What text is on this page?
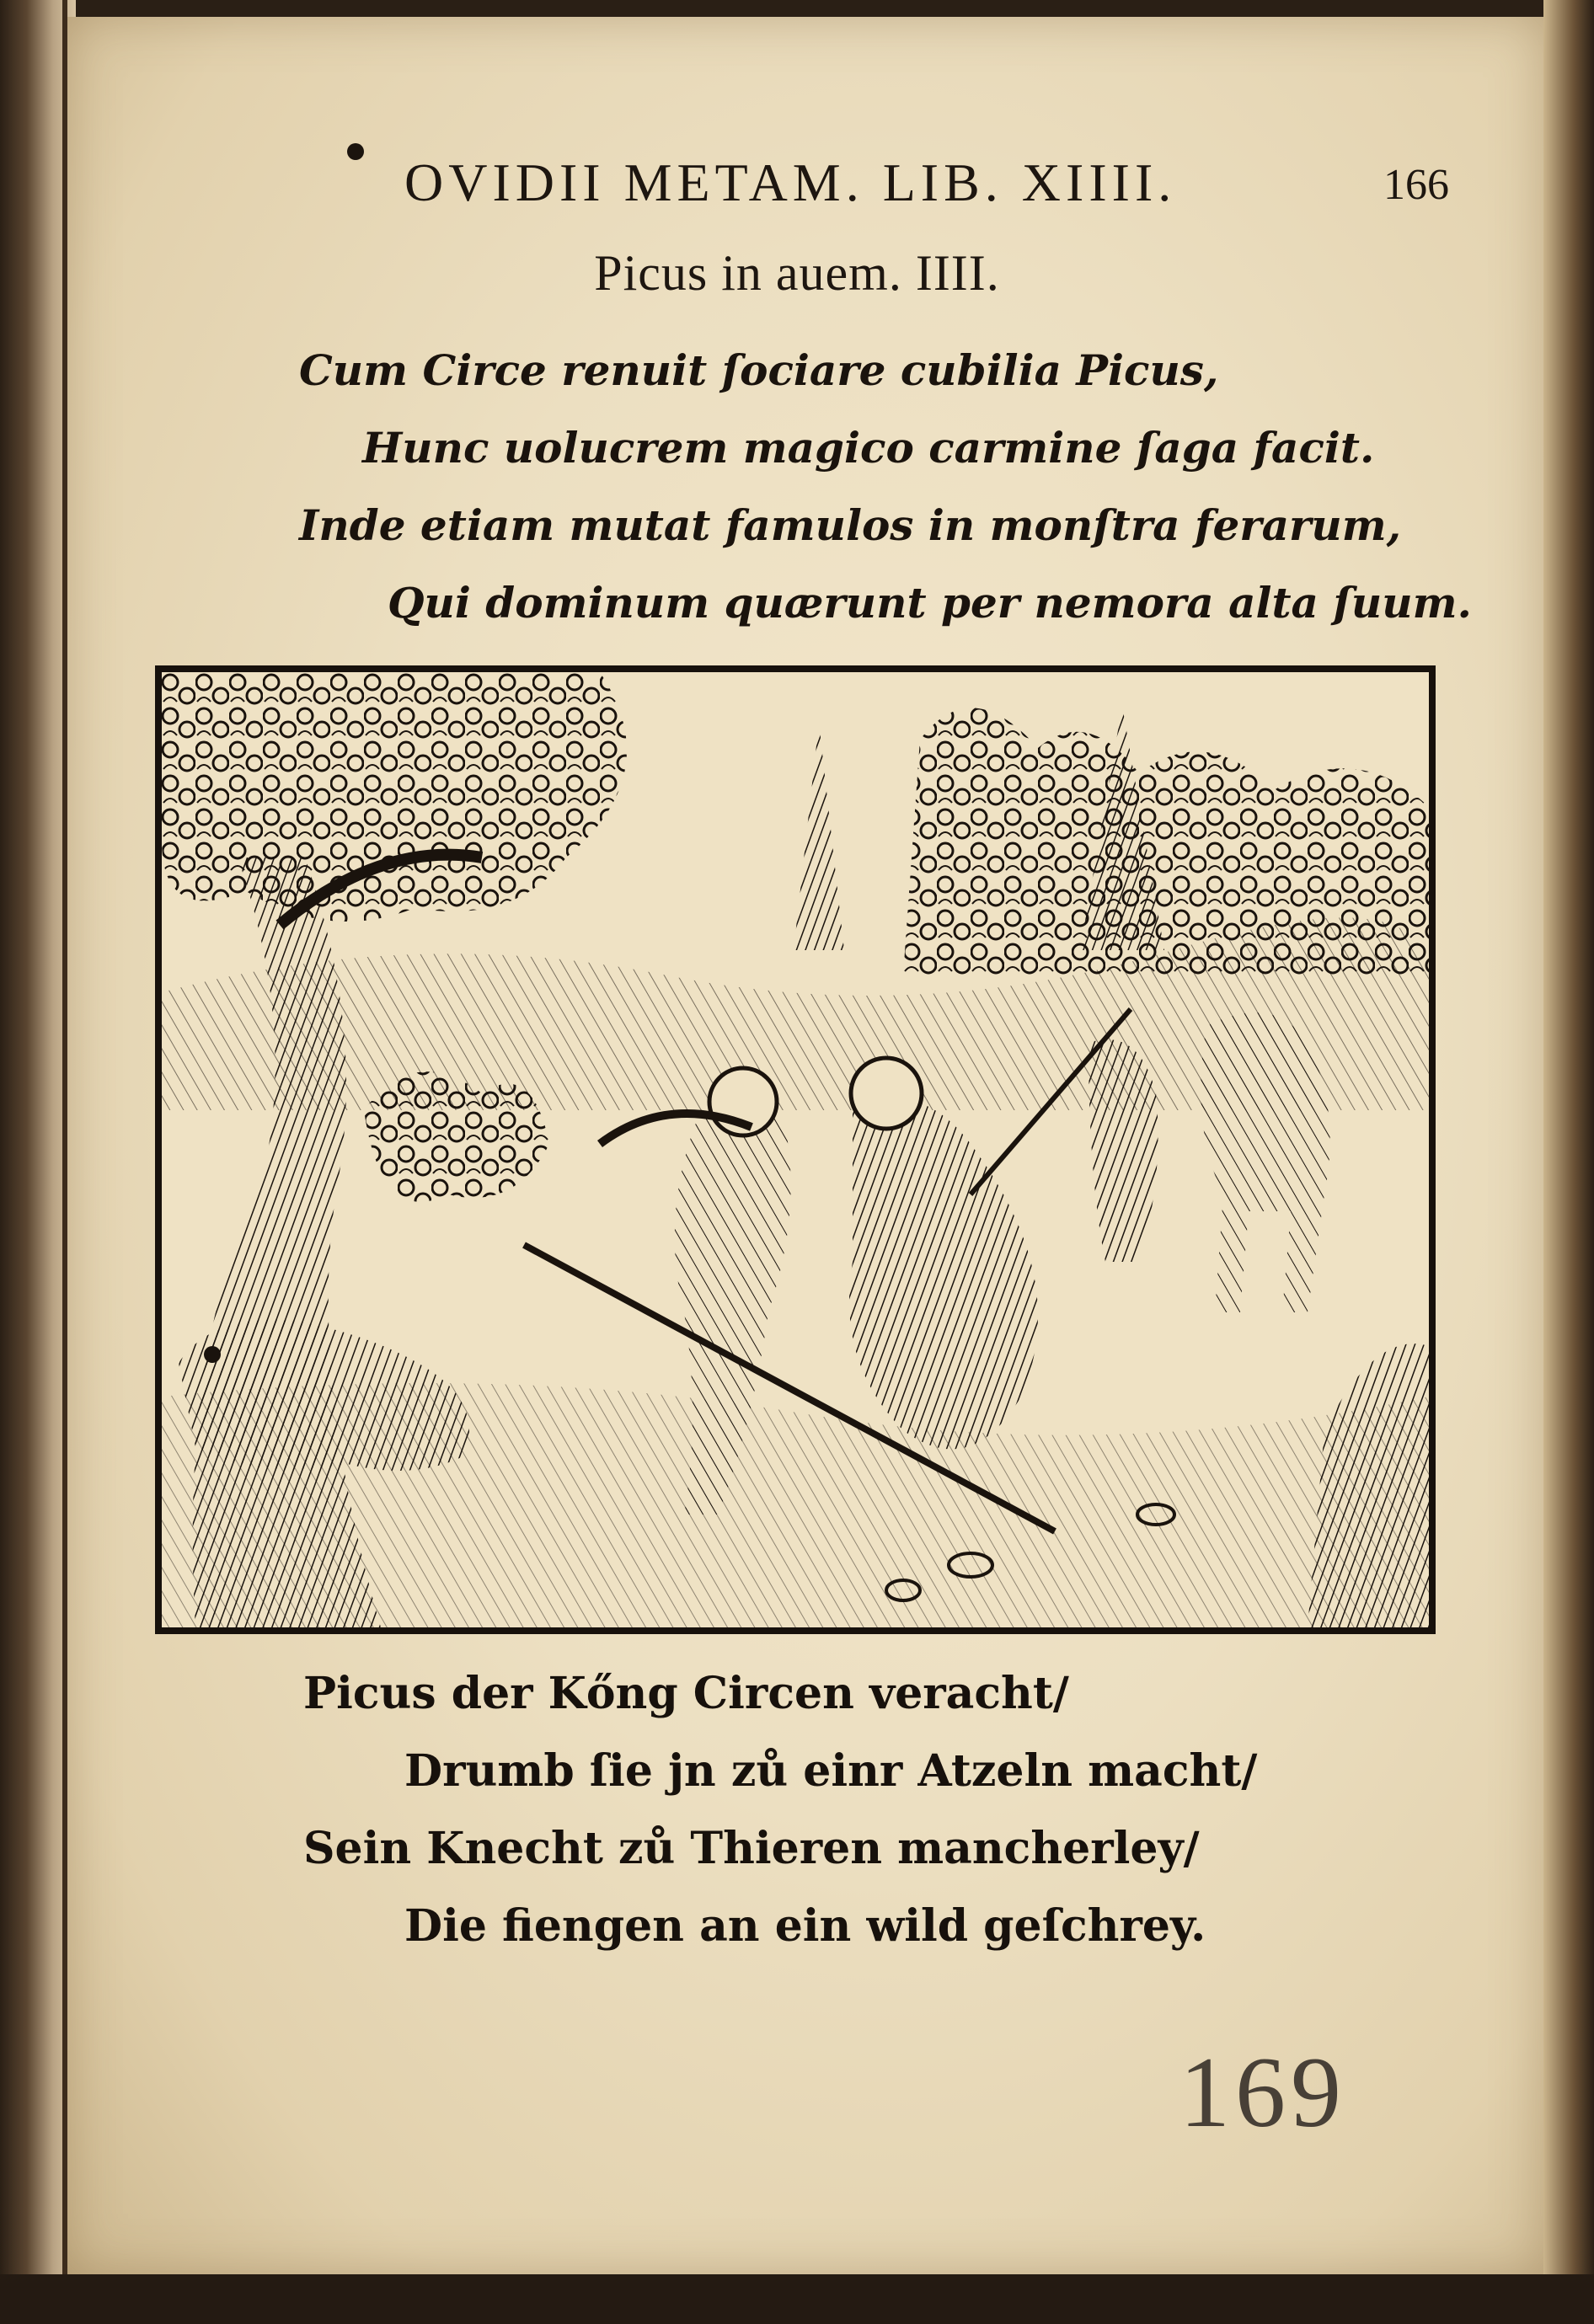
OVIDII METAM. LIB. XIIII.	166
Picus in auem. IIII.
Cum Circe renuit ſociare cubilia Picus,
Hunc uolucrem magico carmine ſaga facit.
Inde etiam mutat famulos in monſtra ferarum,
Qui dominum quærunt per nemora alta ſuum.
Picus der Kőng Circen veracht/
Drumb ſie jn zů einr Atzeln macht/
Sein Knecht zů Thieren mancherley/
Die fiengen an ein wild geſchrey.
169
